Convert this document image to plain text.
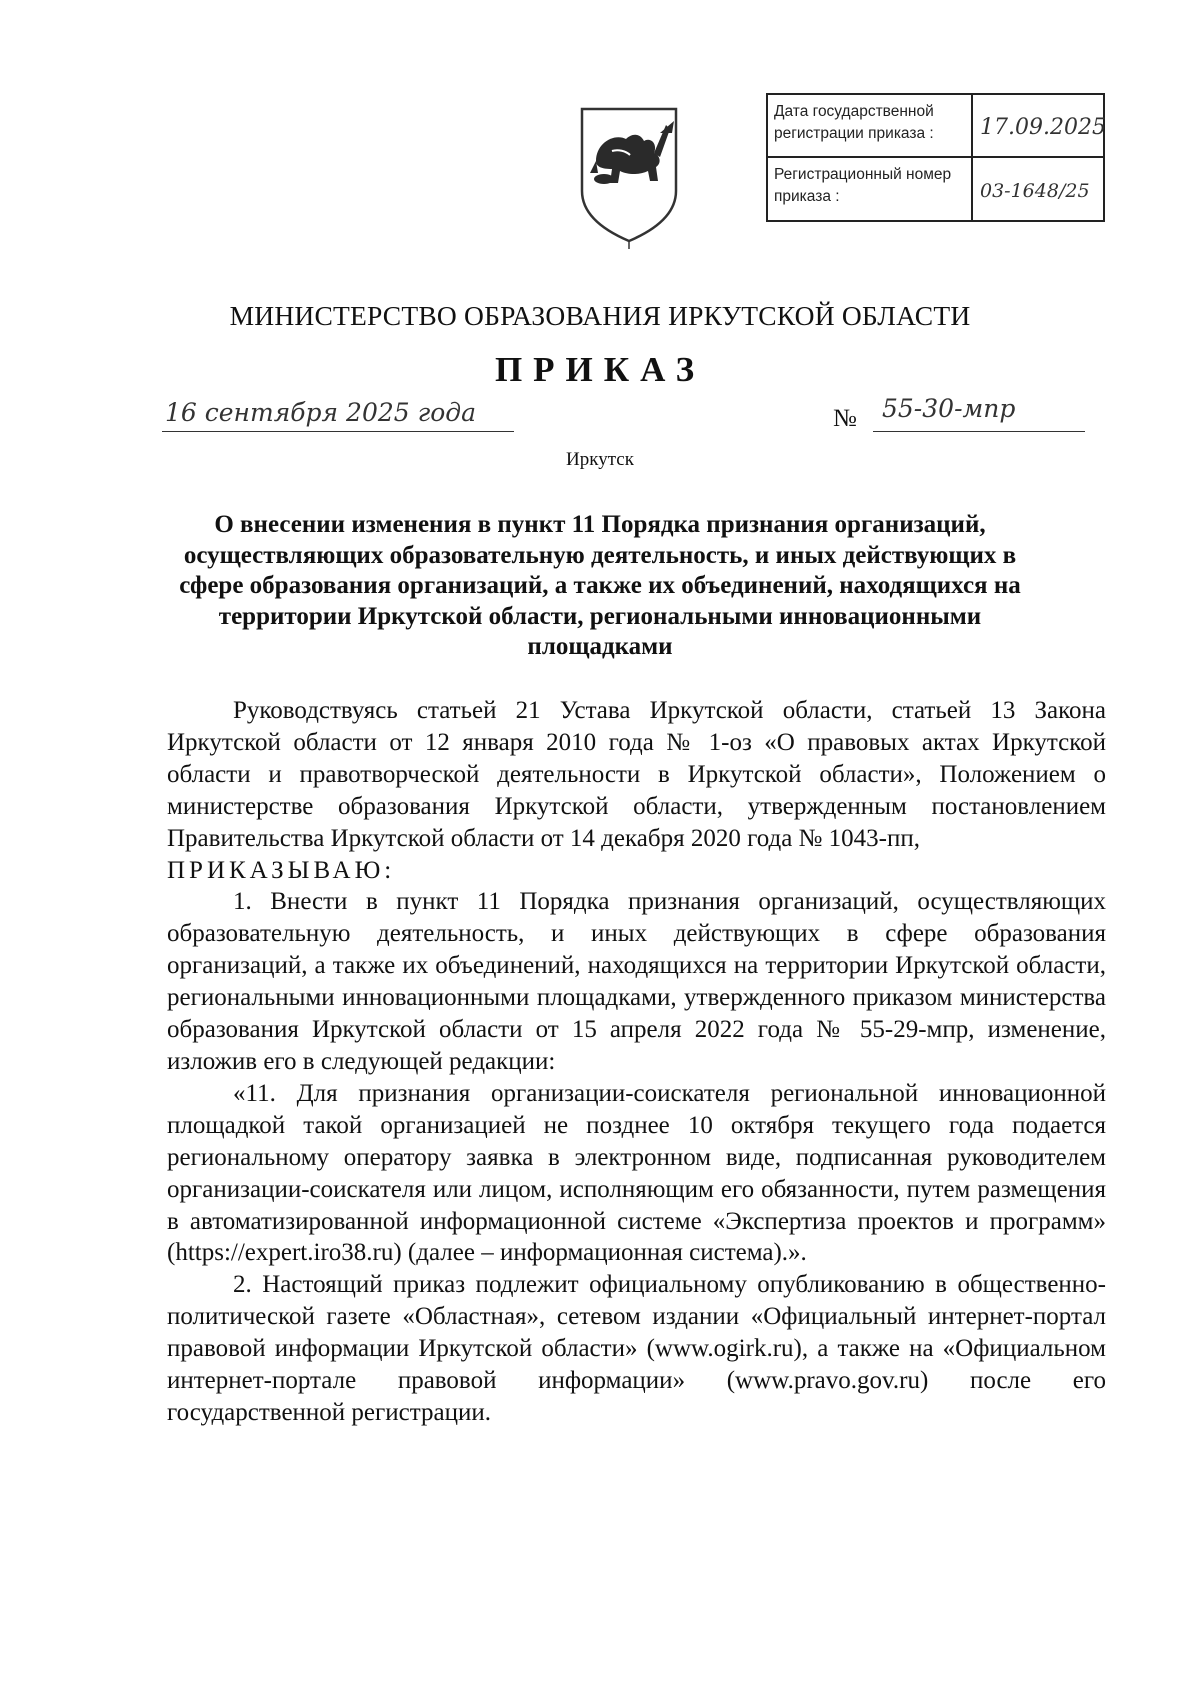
Дата государственной регистрации приказа :	17.09.2025
Регистрационный номер приказа :	03-1648/25
МИНИСТЕРСТВО ОБРАЗОВАНИЯ ИРКУТСКОЙ ОБЛАСТИ
ПРИКАЗ
16 сентября 2025 года	№ 55-30-мпр
Иркутск

О внесении изменения в пункт 11 Порядка признания организаций, осуществляющих образовательную деятельность, и иных действующих в сфере образования организаций, а также их объединений, находящихся на территории Иркутской области, региональными инновационными площадками

Руководствуясь статьей 21 Устава Иркутской области, статьей 13 Закона Иркутской области от 12 января 2010 года № 1-оз «О правовых актах Иркутской области и правотворческой деятельности в Иркутской области», Положением о министерстве образования Иркутской области, утвержденным постановлением Правительства Иркутской области от 14 декабря 2020 года № 1043-пп,

ПРИКАЗЫВАЮ:

1. Внести в пункт 11 Порядка признания организаций, осуществляющих образовательную деятельность, и иных действующих в сфере образования организаций, а также их объединений, находящихся на территории Иркутской области, региональными инновационными площадками, утвержденного приказом министерства образования Иркутской области от 15 апреля 2022 года № 55-29-мпр, изменение, изложив его в следующей редакции:

«11. Для признания организации-соискателя региональной инновационной площадкой такой организацией не позднее 10 октября текущего года подается региональному оператору заявка в электронном виде, подписанная руководителем организации-соискателя или лицом, исполняющим его обязанности, путем размещения в автоматизированной информационной системе «Экспертиза проектов и программ» (https://expert.iro38.ru) (далее – информационная система).».

2. Настоящий приказ подлежит официальному опубликованию в общественно-политической газете «Областная», сетевом издании «Официальный интернет-портал правовой информации Иркутской области» (www.ogirk.ru), а также на «Официальном интернет-портале правовой информации» (www.pravo.gov.ru) после его государственной регистрации.
